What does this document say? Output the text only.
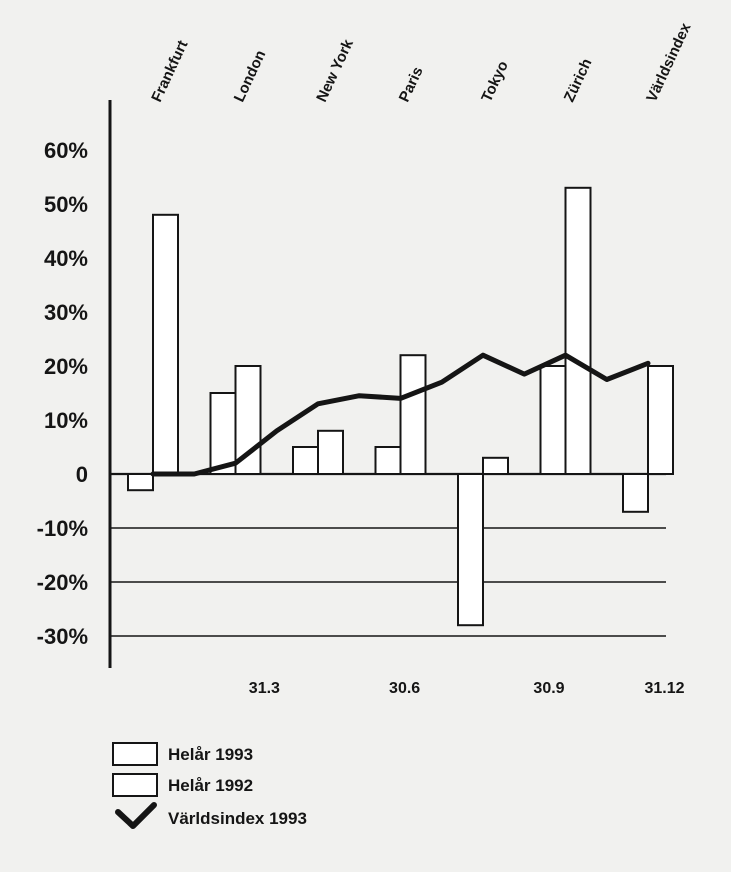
60%
50%
40%
30%
20%
10%
0
-10%
-20%
-30%
Frankfurt	London	New York	Paris	Tokyo	Zürich	Världsindex
31.3	30.6	30.9	31.12
Helår 1993
Helår 1992
Världsindex 1993
